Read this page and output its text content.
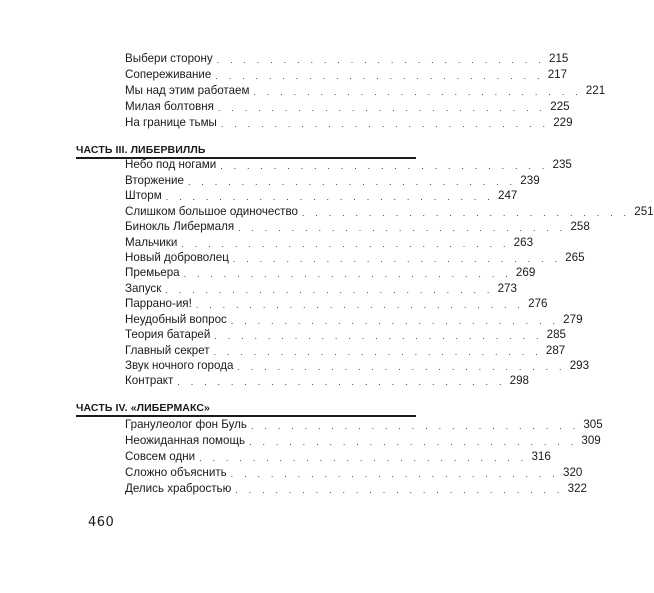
Выбери сторону . . . . . . . . . . . . . . . . . . . . . . . . . 215
Сопереживание . . . . . . . . . . . . . . . . . . . . . . . . . 217
Мы над этим работаем . . . . . . . . . . . . . . . . . . . . . . . . . 221
Милая болтовня . . . . . . . . . . . . . . . . . . . . . . . . . 225
На границе тьмы . . . . . . . . . . . . . . . . . . . . . . . . . 229
ЧАСТЬ III. ЛИБЕРВИЛЛЬ
Небо под ногами . . . . . . . . . . . . . . . . . . . . . . . . . 235
Вторжение . . . . . . . . . . . . . . . . . . . . . . . . . 239
Шторм . . . . . . . . . . . . . . . . . . . . . . . . . 247
Слишком большое одиночество . . . . . . . . . . . . . . . . . . . . . . . . . 251
Бинокль Либермаля . . . . . . . . . . . . . . . . . . . . . . . . . 258
Мальчики . . . . . . . . . . . . . . . . . . . . . . . . . 263
Новый доброволец . . . . . . . . . . . . . . . . . . . . . . . . . 265
Премьера . . . . . . . . . . . . . . . . . . . . . . . . . 269
Запуск . . . . . . . . . . . . . . . . . . . . . . . . . 273
Паррано-ия! . . . . . . . . . . . . . . . . . . . . . . . . . 276
Неудобный вопрос . . . . . . . . . . . . . . . . . . . . . . . . . 279
Теория батарей . . . . . . . . . . . . . . . . . . . . . . . . . 285
Главный секрет . . . . . . . . . . . . . . . . . . . . . . . . . 287
Звук ночного города . . . . . . . . . . . . . . . . . . . . . . . . . 293
Контракт . . . . . . . . . . . . . . . . . . . . . . . . . 298
ЧАСТЬ IV. «ЛИБЕРМАКС»
Гранулеолог фон Буль . . . . . . . . . . . . . . . . . . . . . . . . . 305
Неожиданная помощь . . . . . . . . . . . . . . . . . . . . . . . . . 309
Совсем одни . . . . . . . . . . . . . . . . . . . . . . . . . 316
Сложно объяснить . . . . . . . . . . . . . . . . . . . . . . . . . 320
Делись храбростью . . . . . . . . . . . . . . . . . . . . . . . . . 322
460
